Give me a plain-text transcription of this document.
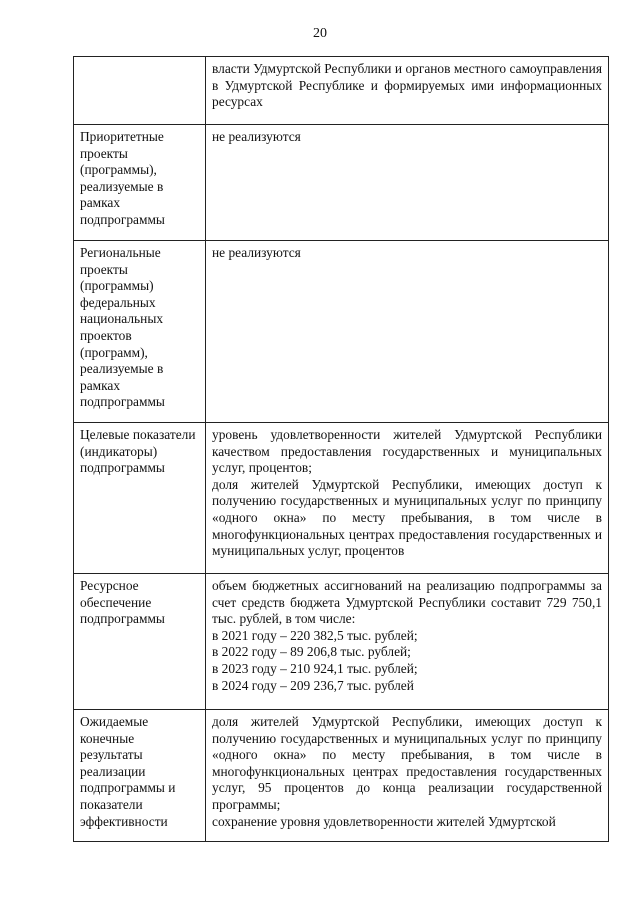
20

	власти Удмуртской Республики и органов местного самоуправления в Удмуртской Республике и формируемых ими информационных ресурсах

Приоритетные проекты (программы), реализуемые в рамках подпрограммы	не реализуются

Региональные проекты (программы) федеральных национальных проектов (программ), реализуемые в рамках подпрограммы	не реализуются

Целевые показатели (индикаторы) подпрограммы	уровень удовлетворенности жителей Удмуртской Республики качеством предоставления государственных и муниципальных услуг, процентов;
доля жителей Удмуртской Республики, имеющих доступ к получению государственных и муниципальных услуг по принципу «одного окна» по месту пребывания, в том числе в многофункциональных центрах предоставления государственных и муниципальных услуг, процентов

Ресурсное обеспечение подпрограммы	объем бюджетных ассигнований на реализацию подпрограммы за счет средств бюджета Удмуртской Республики составит 729 750,1 тыс. рублей, в том числе:
в 2021 году – 220 382,5 тыс. рублей;
в 2022 году – 89 206,8 тыс. рублей;
в 2023 году – 210 924,1 тыс. рублей;
в 2024 году – 209 236,7 тыс. рублей

Ожидаемые конечные результаты реализации подпрограммы и показатели эффективности	доля жителей Удмуртской Республики, имеющих доступ к получению государственных и муниципальных услуг по принципу «одного окна» по месту пребывания, в том числе в многофункциональных центрах предоставления государственных услуг, 95 процентов до конца реализации государственной программы;
сохранение уровня удовлетворенности жителей Удмуртской
